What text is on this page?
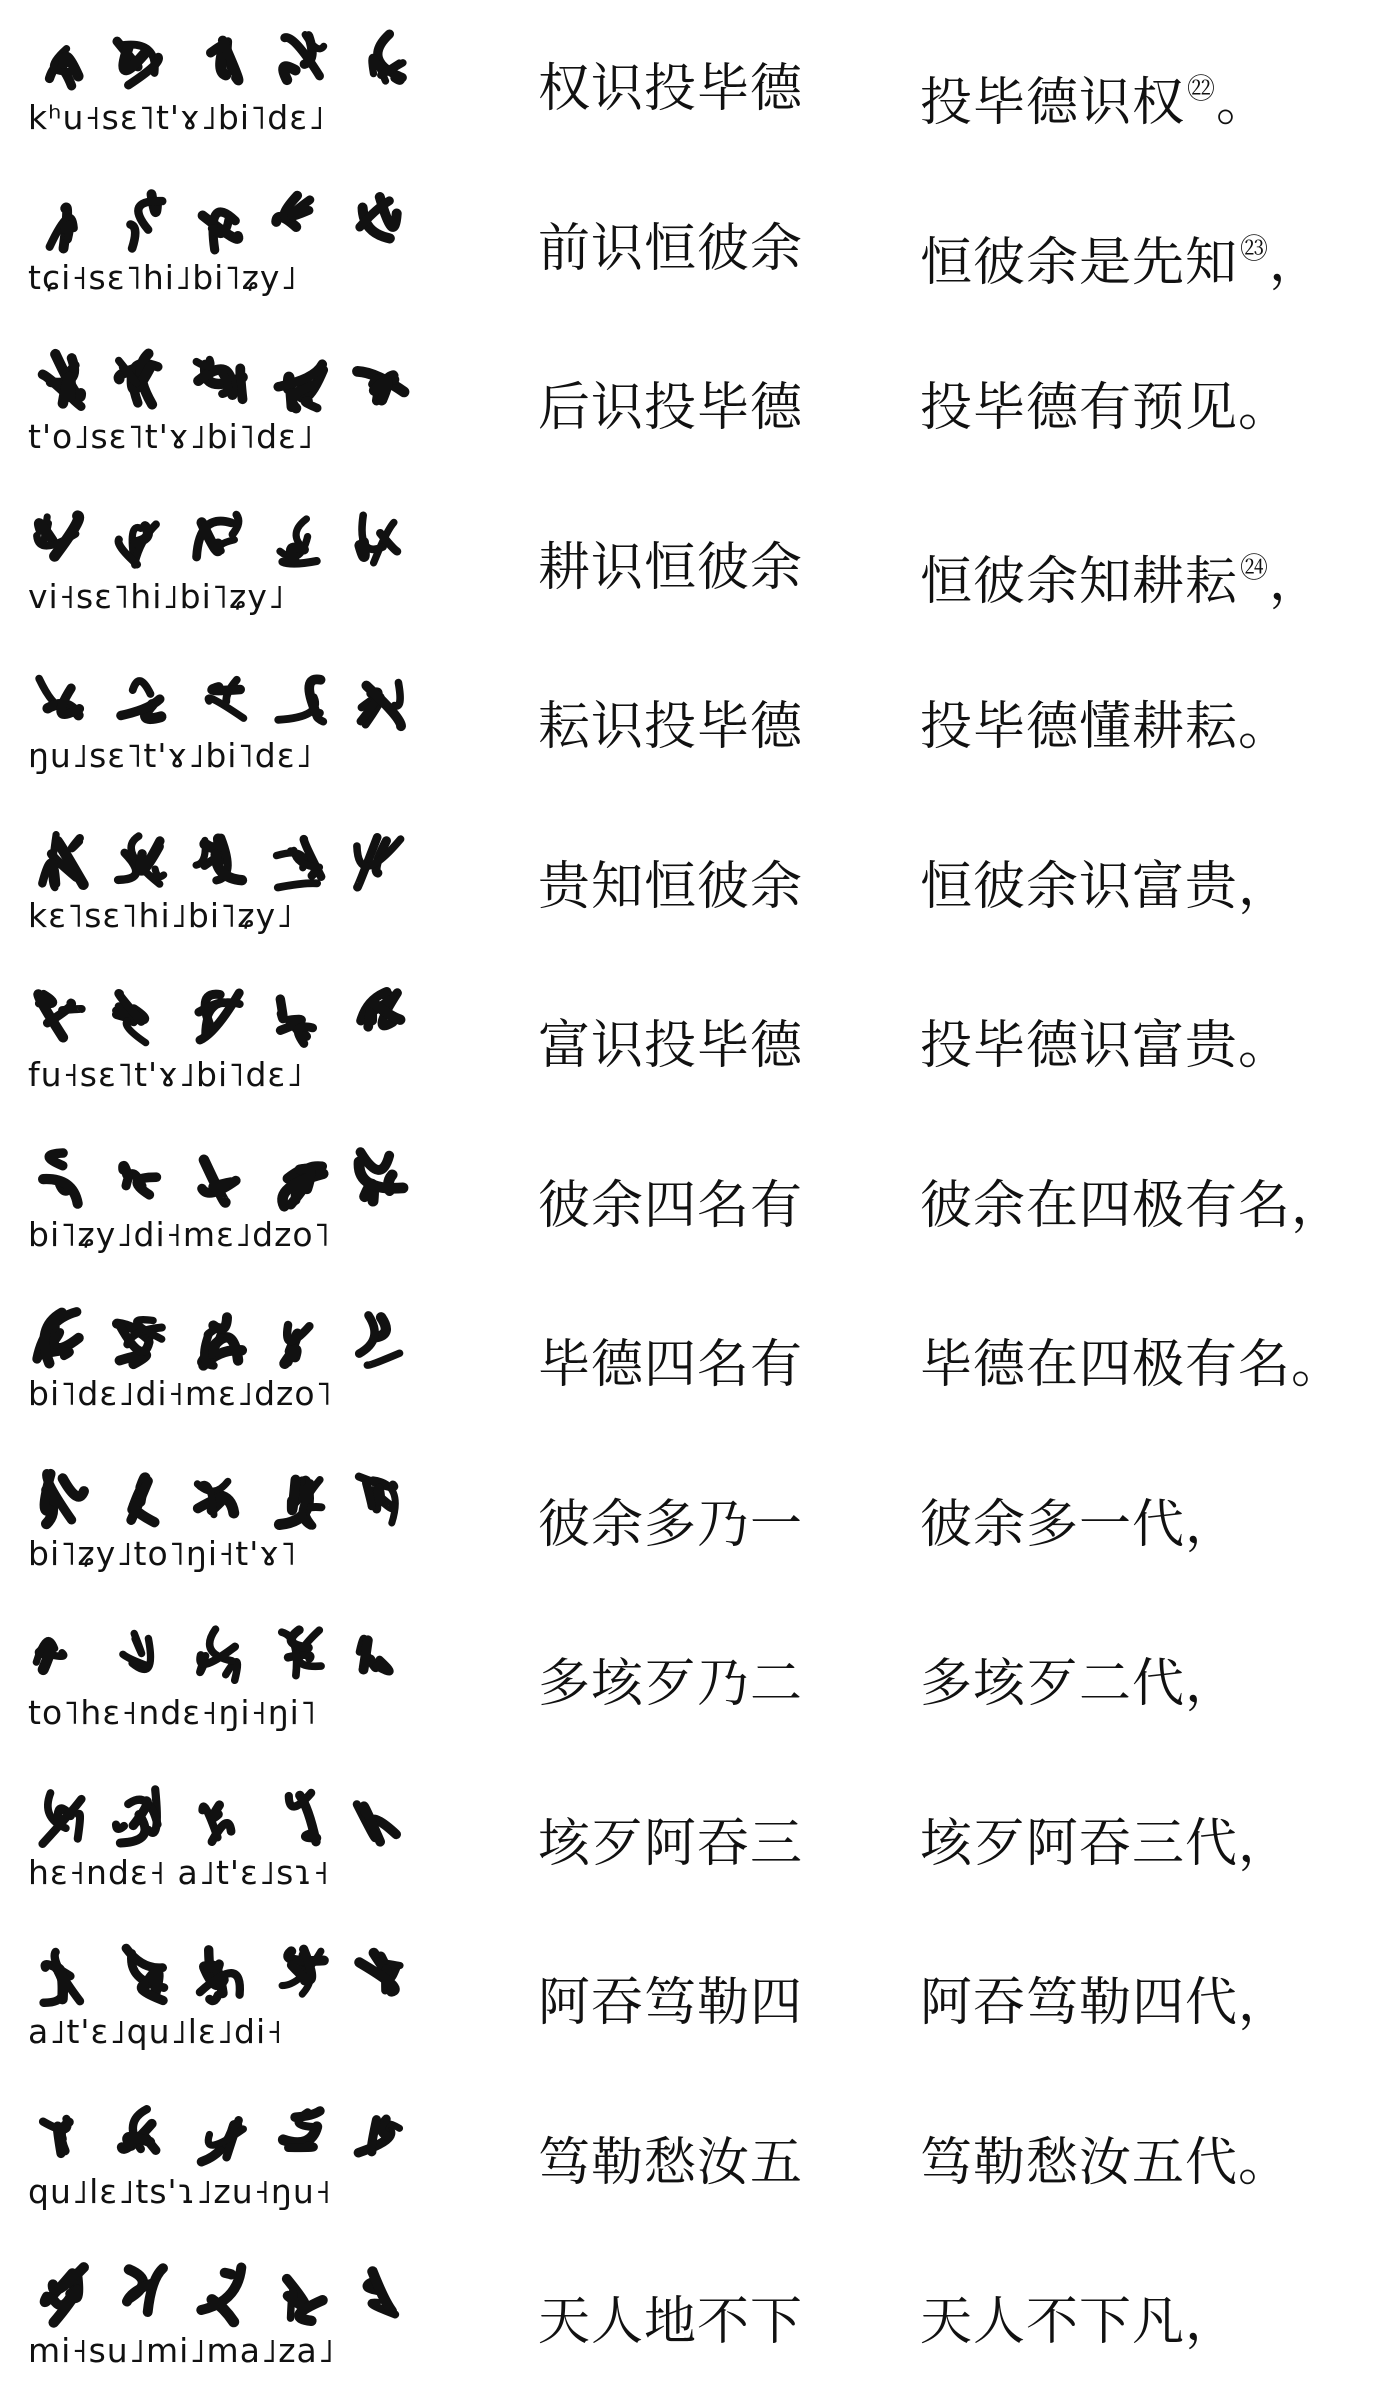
kʰu˧sɛ˥t'ɤ˩bi˥dɛ˩	权识投毕德 投毕德识权$^㉒$。
tɕi˧sɛ˥hi˩bi˥ʑy˩	前识恒彼余 恒彼余是先知$^㉓$，
t'o˩sɛ˥t'ɤ˩bi˥dɛ˩	后识投毕德 投毕德有预见。
vi˧sɛ˥hi˩bi˥ʑy˩	耕识恒彼余 恒彼余知耕耘$^㉔$，
ŋu˩sɛ˥t'ɤ˩bi˥dɛ˩	耘识投毕德 投毕德懂耕耘。
kɛ˥sɛ˥hi˩bi˥ʑy˩	贵知恒彼余 恒彼余识富贵，
fu˧sɛ˥t'ɤ˩bi˥dɛ˩	富识投毕德 投毕德识富贵。
bi˥ʑy˩di˧mɛ˩dzo˥	彼余四名有 彼余在四极有名，
bi˥dɛ˩di˧mɛ˩dzo˥	毕德四名有 毕德在四极有名。
bi˥ʑy˩to˥ŋi˧t'ɤ˥	彼余多乃一 彼余多一代，
to˥hɛ˧ndɛ˧ŋi˧ŋi˥	多垓歹乃二 多垓歹二代，
hɛ˧ndɛ˧ a˩t'ɛ˩sɿ˧	垓歹阿吞三 垓歹阿吞三代，
a˩t'ɛ˩qu˩lɛ˩di˧	阿吞笃勒四 阿吞笃勒四代，
qu˩lɛ˩ts'ɿ˩zu˧ŋu˧	笃勒愁汝五 笃勒愁汝五代。
mi˧su˩mi˩ma˩za˩	天人地不下 天人不下凡，
